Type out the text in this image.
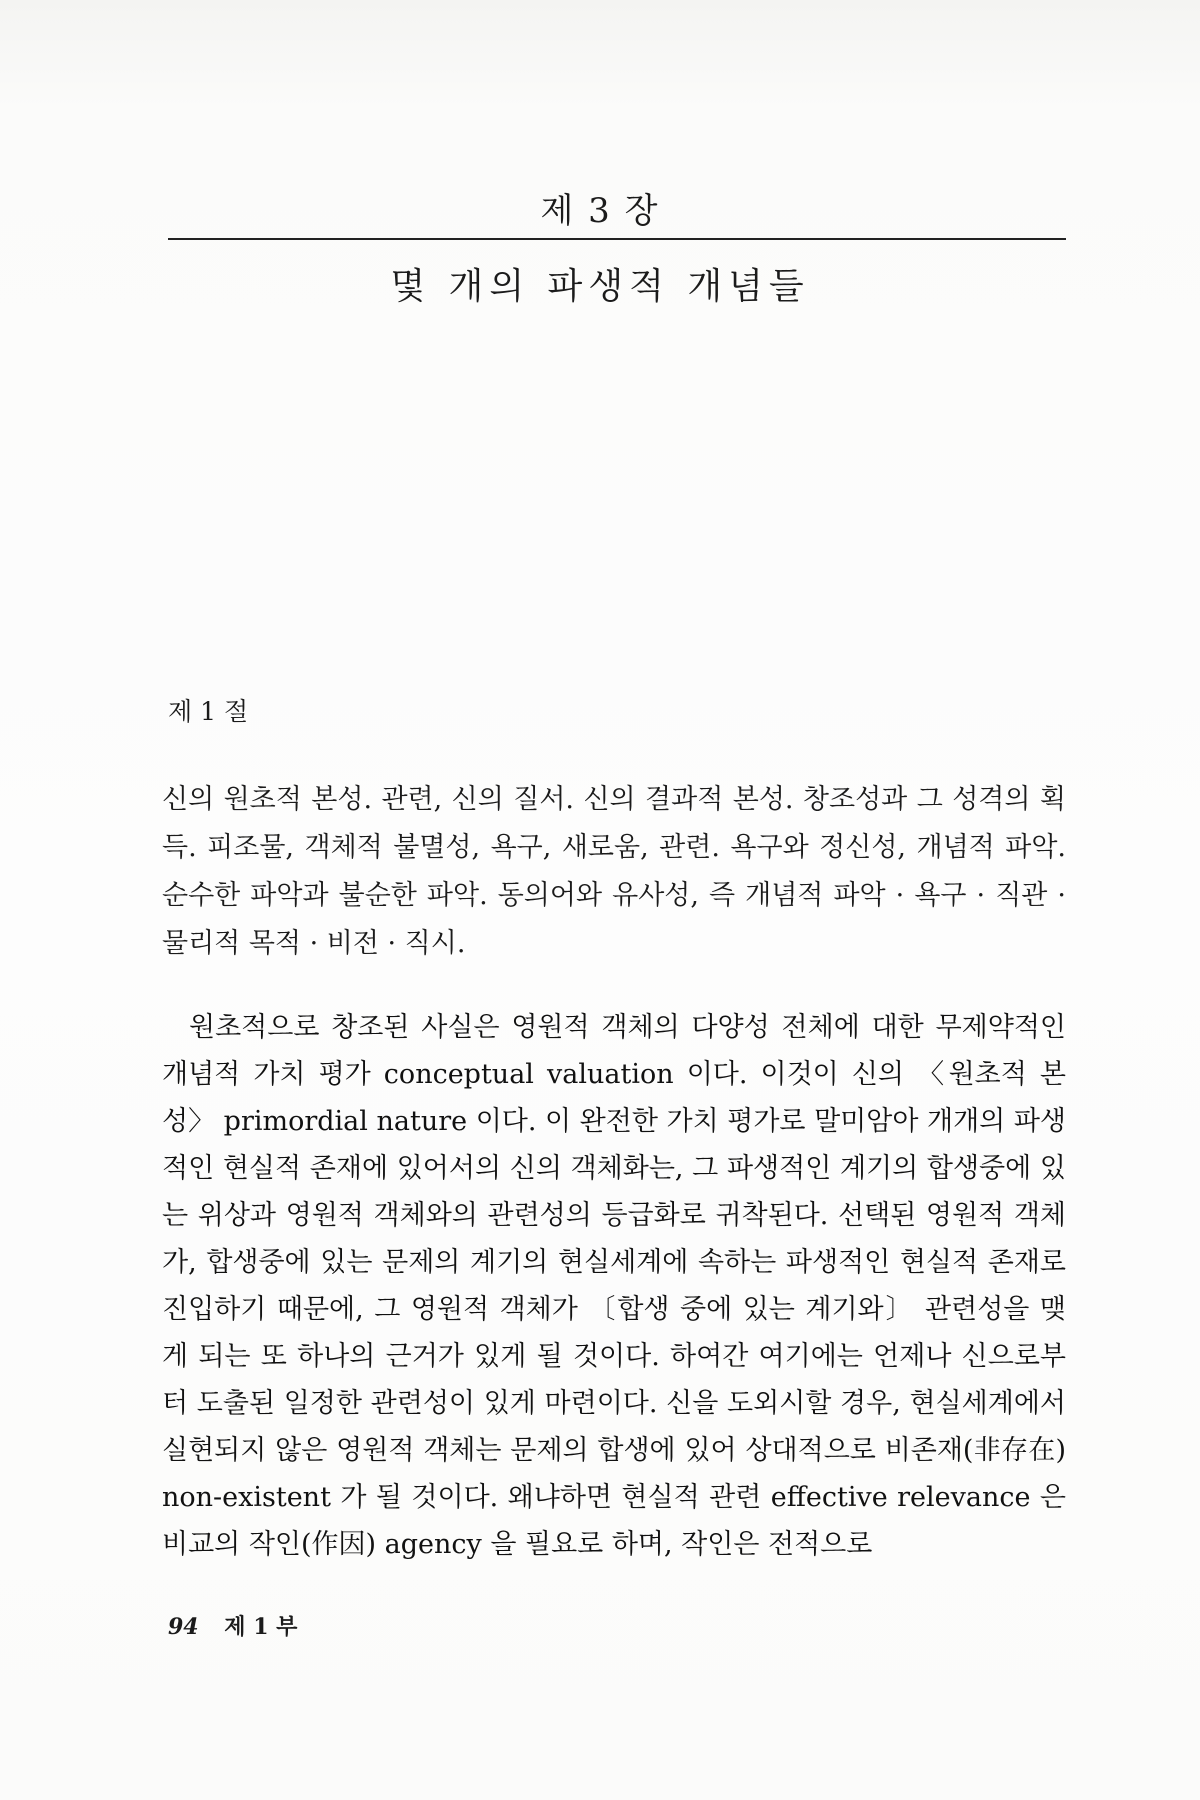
제 3 장
몇 개의 파생적 개념들
제 1 절
신의 원초적 본성. 관련, 신의 질서. 신의 결과적 본성. 창조성과 그 성격의 획득. 피조물, 객체적 불멸성, 욕구, 새로움, 관련. 욕구와 정신성, 개념적 파악. 순수한 파악과 불순한 파악. 동의어와 유사성, 즉 개념적 파악 · 욕구 · 직관 · 물리적 목적 · 비전 · 직시.
원초적으로 창조된 사실은 영원적 객체의 다양성 전체에 대한 무제약적인 개념적 가치 평가 conceptual valuation 이다. 이것이 신의 〈원초적 본성〉 primordial nature 이다. 이 완전한 가치 평가로 말미암아 개개의 파생적인 현실적 존재에 있어서의 신의 객체화는, 그 파생적인 계기의 합생중에 있는 위상과 영원적 객체와의 관련성의 등급화로 귀착된다. 선택된 영원적 객체가, 합생중에 있는 문제의 계기의 현실세계에 속하는 파생적인 현실적 존재로 진입하기 때문에, 그 영원적 객체가 〔합생 중에 있는 계기와〕 관련성을 맺게 되는 또 하나의 근거가 있게 될 것이다. 하여간 여기에는 언제나 신으로부터 도출된 일정한 관련성이 있게 마련이다. 신을 도외시할 경우, 현실세계에서 실현되지 않은 영원적 객체는 문제의 합생에 있어 상대적으로 비존재(非存在) non-existent 가 될 것이다. 왜냐하면 현실적 관련 effective relevance 은 비교의 작인(作因) agency 을 필요로 하며, 작인은 전적으로
94 제 1 부
